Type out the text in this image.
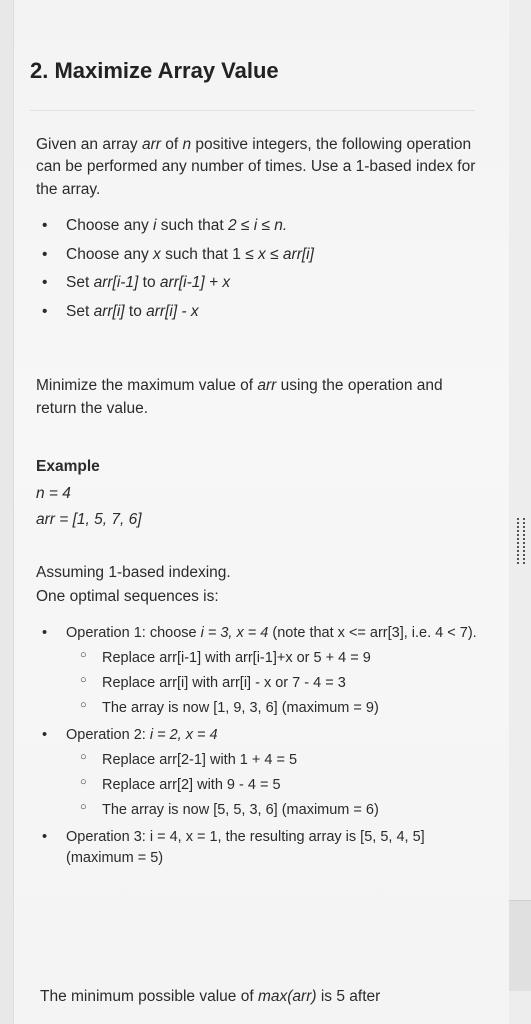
2. Maximize Array Value

Given an array arr of n positive integers, the following operation can be performed any number of times. Use a 1-based index for the array.

• Choose any i such that 2 ≤ i ≤ n.
• Choose any x such that 1 ≤ x ≤ arr[i]
• Set arr[i-1] to arr[i-1] + x
• Set arr[i] to arr[i] - x

Minimize the maximum value of arr using the operation and return the value.

Example

n = 4

arr = [1, 5, 7, 6]

Assuming 1-based indexing.

One optimal sequences is:

• Operation 1: choose i = 3, x = 4 (note that x <= arr[3], i.e. 4 < 7).
○ Replace arr[i-1] with arr[i-1]+x or 5 + 4 = 9
○ Replace arr[i] with arr[i] - x or 7 - 4 = 3
○ The array is now [1, 9, 3, 6] (maximum = 9)
• Operation 2: i = 2, x = 4
○ Replace arr[2-1] with 1 + 4 = 5
○ Replace arr[2] with 9 - 4 = 5
○ The array is now [5, 5, 3, 6] (maximum = 6)
• Operation 3: i = 4, x = 1, the resulting array is [5, 5, 4, 5] (maximum = 5)

The minimum possible value of max(arr) is 5 after
